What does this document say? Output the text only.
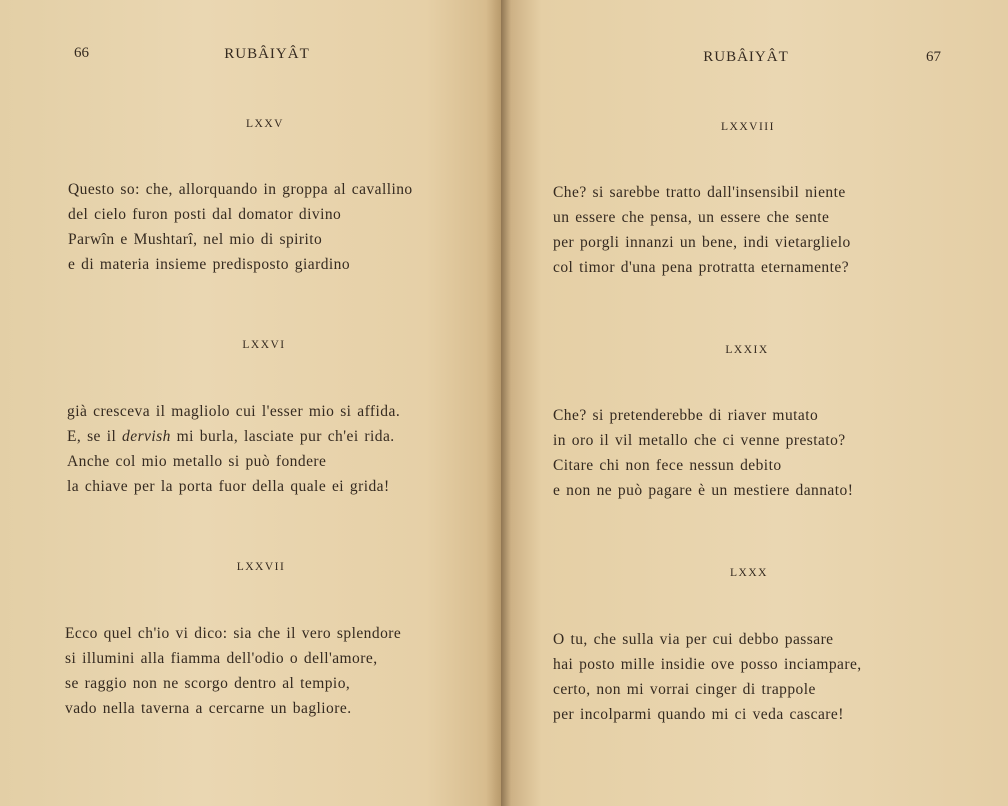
66	RUBÂIYÂT
LXXV
Questo so: che, allorquando in groppa al cavallino
del cielo furon posti dal domator divino
Parwîn e Mushtarî, nel mio di spirito
e di materia insieme predisposto giardino
LXXVI
già cresceva il magliolo cui l'esser mio si affida.
E, se il dervish mi burla, lasciate pur ch'ei rida.
Anche col mio metallo si può fondere
la chiave per la porta fuor della quale ei grida!
LXXVII
Ecco quel ch'io vi dico: sia che il vero splendore
si illumini alla fiamma dell'odio o dell'amore,
se raggio non ne scorgo dentro al tempio,
vado nella taverna a cercarne un bagliore.
RUBÂIYÂT	67
LXXVIII
Che? si sarebbe tratto dall'insensibil niente
un essere che pensa, un essere che sente
per porgli innanzi un bene, indi vietarglielo
col timor d'una pena protratta eternamente?
LXXIX
Che? si pretenderebbe di riaver mutato
in oro il vil metallo che ci venne prestato?
Citare chi non fece nessun debito
e non ne può pagare è un mestiere dannato!
LXXX
O tu, che sulla via per cui debbo passare
hai posto mille insidie ove posso inciampare,
certo, non mi vorrai cinger di trappole
per incolparmi quando mi ci veda cascare!
